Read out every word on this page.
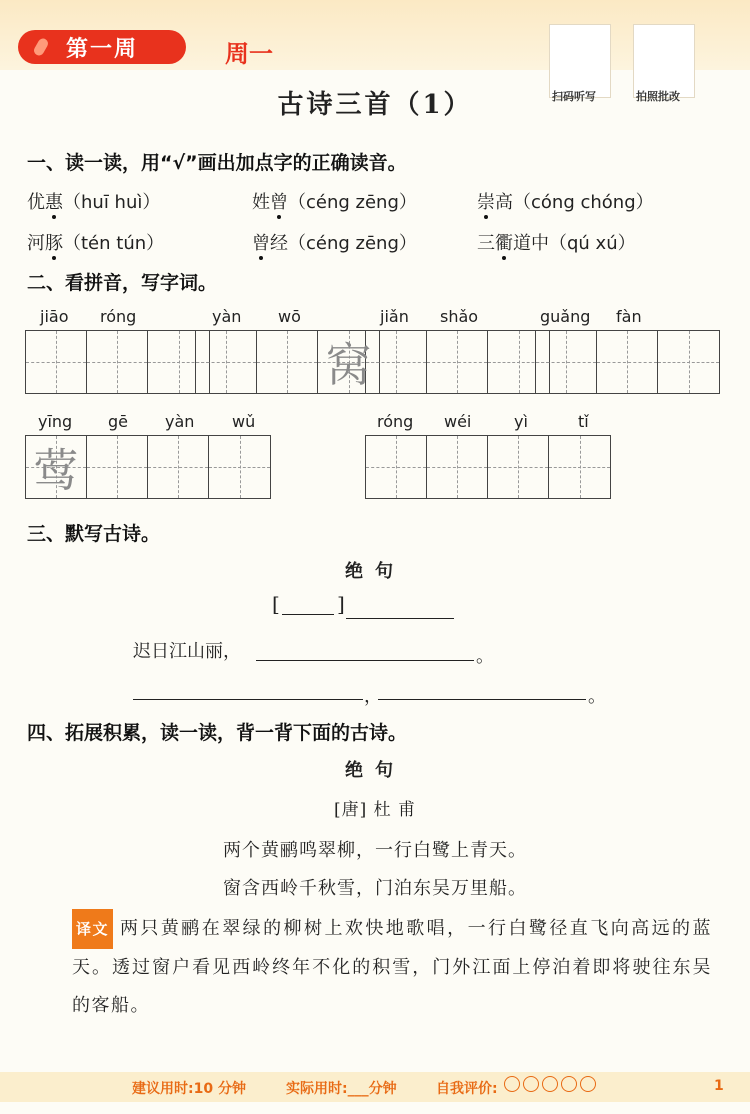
第一周	周一
扫码听写	拍照批改
古诗三首（1）
一、读一读，用“√”画出加点字的正确读音。
优惠（huī huì）	姓曾（céng zēng）	崇高（cóng chóng）
河豚（tén tún）	曾经（céng zēng）	三衢道中（qú xú）
二、看拼音，写字词。
jiāo róng	yàn wō
窝
jiǎn shǎo	guǎng fàn
yīng gē yàn wǔ
莺
róng wéi	yì	tǐ
三、默写古诗。
绝句
[	]
迟日江山丽，	。
，	。
四、拓展积累，读一读，背一背下面的古诗。
绝句
[唐] 杜 甫
两个黄鹂鸣翠柳，一行白鹭上青天。
窗含西岭千秋雪，门泊东吴万里船。
译文 两只黄鹂在翠绿的柳树上欢快地歌唱，一行白鹭径直飞向高远的蓝天。透过窗户看见西岭终年不化的积雪，门外江面上停泊着即将驶往东吴的客船。
建议用时:10 分钟	实际用时:___分钟	自我评价:	1
